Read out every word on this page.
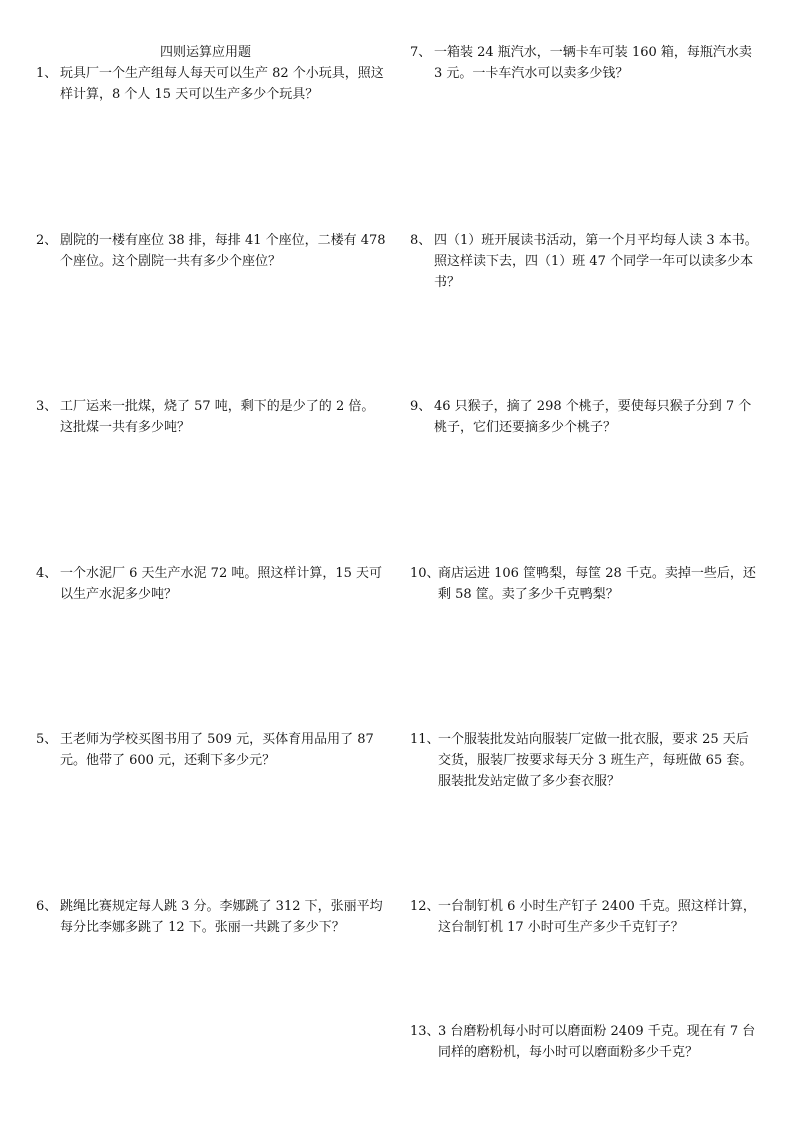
四则运算应用题
1、 玩具厂一个生产组每人每天可以生产 82 个小玩具，照这样计算，8 个人 15 天可以生产多少个玩具？
2、 剧院的一楼有座位 38 排，每排 41 个座位，二楼有 478 个座位。这个剧院一共有多少个座位？
3、 工厂运来一批煤，烧了 57 吨，剩下的是少了的 2 倍。这批煤一共有多少吨？
4、 一个水泥厂 6 天生产水泥 72 吨。照这样计算，15 天可以生产水泥多少吨？
5、 王老师为学校买图书用了 509 元，买体育用品用了 87 元。他带了 600 元，还剩下多少元？
6、 跳绳比赛规定每人跳 3 分。李娜跳了 312 下，张丽平均每分比李娜多跳了 12 下。张丽一共跳了多少下？
7、 一箱装 24 瓶汽水，一辆卡车可装 160 箱，每瓶汽水卖 3 元。一卡车汽水可以卖多少钱？
8、 四（1）班开展读书活动，第一个月平均每人读 3 本书。照这样读下去，四（1）班 47 个同学一年可以读多少本书？
9、 46 只猴子，摘了 298 个桃子，要使每只猴子分到 7 个桃子，它们还要摘多少个桃子？
10、
商店运进 106 筐鸭梨，每筐 28 千克。卖掉一些后，还剩 58 筐。卖了多少千克鸭梨？
11、
一个服装批发站向服装厂定做一批衣服，要求 25 天后交货，服装厂按要求每天分 3 班生产，每班做 65 套。服装批发站定做了多少套衣服？
12、
一台制钉机 6 小时生产钉子 2400 千克。照这样计算，这台制钉机 17 小时可生产多少千克钉子？
13、
3 台磨粉机每小时可以磨面粉 2409 千克。现在有 7 台同样的磨粉机，每小时可以磨面粉多少千克？
